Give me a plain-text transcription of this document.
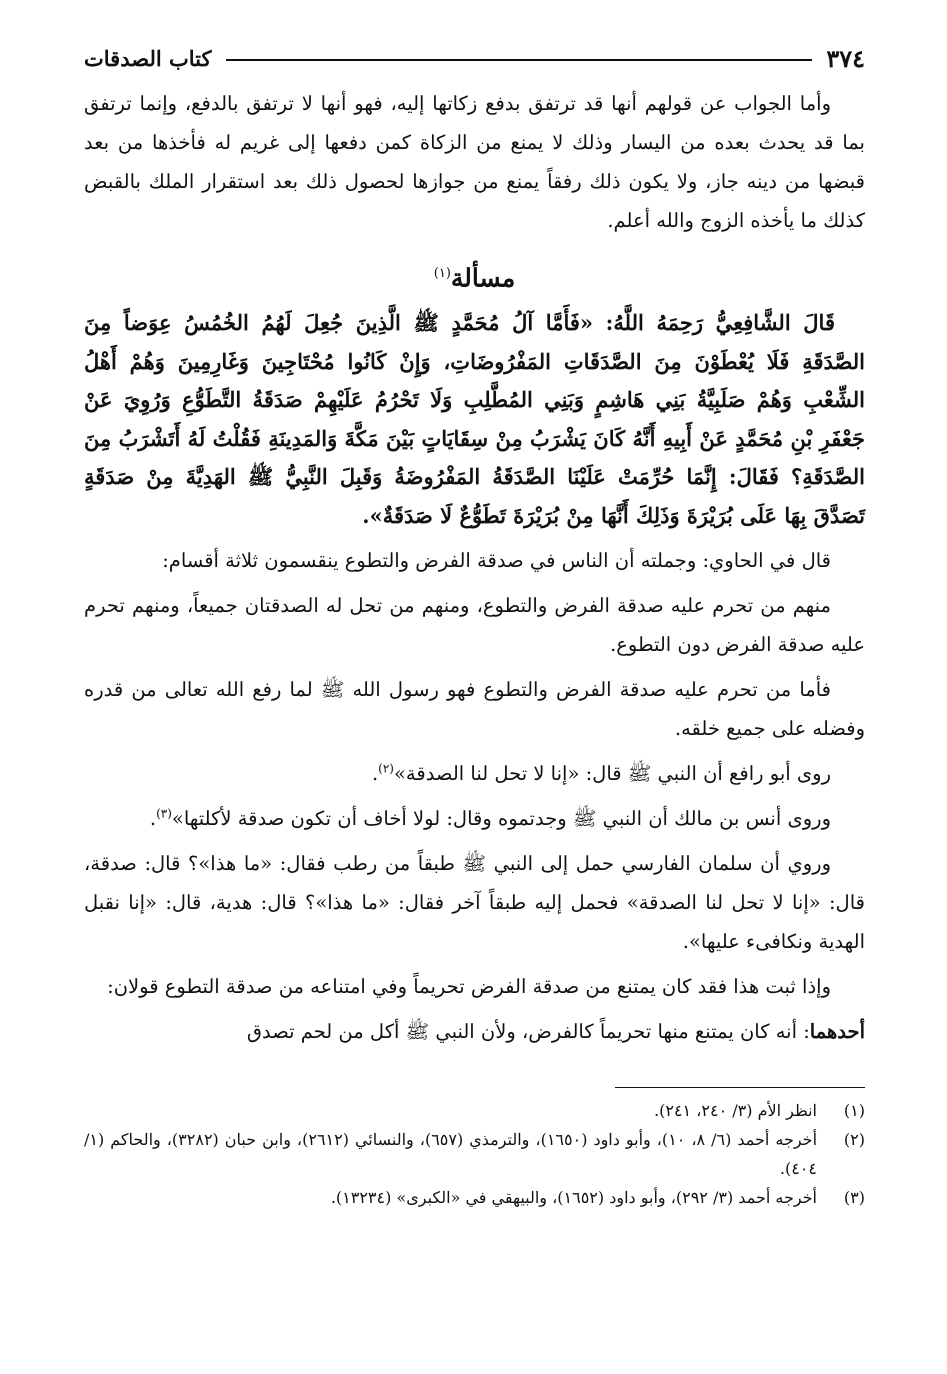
٣٧٤
كتاب الصدقات

وأما الجواب عن قولهم أنها قد ترتفق بدفع زكاتها إليه، فهو أنها لا ترتفق بالدفع، وإنما ترتفق بما قد يحدث بعده من اليسار وذلك لا يمنع من الزكاة كمن دفعها إلى غريم له فأخذها من بعد قبضها من دينه جاز، ولا يكون ذلك رفقاً يمنع من جوازها لحصول ذلك بعد استقرار الملك بالقبض كذلك ما يأخذه الزوج والله أعلم.

مسألة$^{(١)}$

قَالَ الشَّافِعِيُّ رَحِمَهُ اللَّهُ: «فَأَمَّا آلُ مُحَمَّدٍ ﷺ الَّذِينَ جُعِلَ لَهُمُ الخُمُسُ عِوَضاً مِنَ الصَّدَقَةِ فَلَا يُعْطَوْنَ مِنَ الصَّدَقَاتِ المَفْرُوضَاتِ، وَإِنْ كَانُوا مُحْتَاجِينَ وَغَارِمِينَ وَهُمْ أَهْلُ الشِّعْبِ وَهُمْ صَلَبِيَّةُ بَنِي هَاشِمٍ وَبَنِي المُطَّلِبِ وَلَا تَحْرُمُ عَلَيْهِمْ صَدَقَةُ التَّطَوُّعِ وَرُوِيَ عَنْ جَعْفَرِ بْنِ مُحَمَّدٍ عَنْ أَبِيهِ أَنَّهُ كَانَ يَشْرَبُ مِنْ سِقَايَاتٍ بَيْنَ مَكَّةَ وَالمَدِينَةِ فَقُلْتُ لَهُ أَتَشْرَبُ مِنَ الصَّدَقَةِ؟ فَقَالَ: إِنَّمَا حُرِّمَتْ عَلَيْنَا الصَّدَقَةُ المَفْرُوضَةُ وَقَبِلَ النَّبِيُّ ﷺ الهَدِيَّةَ مِنْ صَدَقَةٍ تَصَدَّقَ بِهَا عَلَى بُرَيْرَةَ وَذَلِكَ أَنَّهَا مِنْ بُرَيْرَةَ تَطَوُّعٌ لَا صَدَقَةٌ».

قال في الحاوي: وجملته أن الناس في صدقة الفرض والتطوع ينقسمون ثلاثة أقسام:

منهم من تحرم عليه صدقة الفرض والتطوع، ومنهم من تحل له الصدقتان جميعاً، ومنهم تحرم عليه صدقة الفرض دون التطوع.

فأما من تحرم عليه صدقة الفرض والتطوع فهو رسول الله ﷺ لما رفع الله تعالى من قدره وفضله على جميع خلقه.

روى أبو رافع أن النبي ﷺ قال: «إنا لا تحل لنا الصدقة»$^{(٢)}$.

وروى أنس بن مالك أن النبي ﷺ وجدتموه وقال: لولا أخاف أن تكون صدقة لأكلتها»$^{(٣)}$.

وروي أن سلمان الفارسي حمل إلى النبي ﷺ طبقاً من رطب فقال: «ما هذا»؟ قال: صدقة، قال: «إنا لا تحل لنا الصدقة» فحمل إليه طبقاً آخر فقال: «ما هذا»؟ قال: هدية، قال: «إنا نقبل الهدية ونكافىء عليها».

وإذا ثبت هذا فقد كان يمتنع من صدقة الفرض تحريماً وفي امتناعه من صدقة التطوع قولان:

أحدهما: أنه كان يمتنع منها تحريماً كالفرض، ولأن النبي ﷺ أكل من لحم تصدق

(١)
انظر الأم (٣/ ٢٤٠، ٢٤١).
(٢)
أخرجه أحمد (٦/ ٨، ١٠)، وأبو داود (١٦٥٠)، والترمذي (٦٥٧)، والنسائي (٢٦١٢)، وابن حبان (٣٢٨٢)، والحاكم (١/ ٤٠٤).
(٣)
أخرجه أحمد (٣/ ٢٩٢)، وأبو داود (١٦٥٢)، والبيهقي في «الكبرى» (١٣٢٣٤).
